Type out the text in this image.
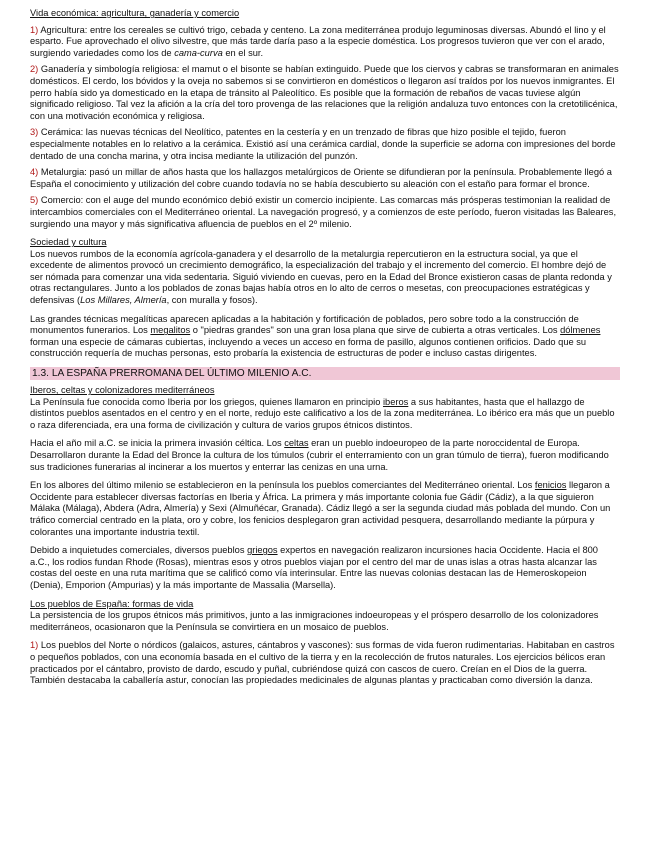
Vida económica: agricultura, ganadería y comercio

1) Agricultura: entre los cereales se cultivó trigo, cebada y centeno. La zona mediterránea produjo leguminosas diversas. Abundó el lino y el esparto. Fue aprovechado el olivo silvestre, que más tarde daría paso a la especie doméstica. Los progresos tuvieron que ver con el arado, surgiendo variedades como los de cama-curva en el sur.

2) Ganadería y simbología religiosa: el mamut o el bisonte se habían extinguido. Puede que los ciervos y cabras se transformaran en animales domésticos. El cerdo, los bóvidos y la oveja no sabemos si se convirtieron en domésticos o llegaron así traídos por los nuevos inmigrantes. El perro había sido ya domesticado en la etapa de tránsito al Paleolítico. Es posible que la formación de rebaños de vacas tuviese algún significado religioso. Tal vez la afición a la cría del toro provenga de las relaciones que la religión andaluza tuvo entonces con la cretotilicénica, con una motivación económica y religiosa.

3) Cerámica: las nuevas técnicas del Neolítico, patentes en la cestería y en un trenzado de fibras que hizo posible el tejido, fueron especialmente notables en lo relativo a la cerámica. Existió así una cerámica cardial, donde la superficie se adorna con impresiones del borde dentado de una concha marina, y otra incisa mediante la utilización del punzón.

4) Metalurgia: pasó un millar de años hasta que los hallazgos metalúrgicos de Oriente se difundieran por la península. Probablemente llegó a España el conocimiento y utilización del cobre cuando todavía no se había descubierto su aleación con el estaño para formar el bronce.

5) Comercio: con el auge del mundo económico debió existir un comercio incipiente. Las comarcas más prósperas testimonian la realidad de intercambios comerciales con el Mediterráneo oriental. La navegación progresó, y a comienzos de este período, fueron visitadas las Baleares, surgiendo una mayor y más significativa afluencia de pueblos en el 2º milenio.

Sociedad y cultura

Los nuevos rumbos de la economía agrícola-ganadera y el desarrollo de la metalurgia repercutieron en la estructura social, ya que el excedente de alimentos provocó un crecimiento demográfico, la especialización del trabajo y el incremento del comercio. El hombre dejó de ser nómada para comenzar una vida sedentaria. Siguió viviendo en cuevas, pero en la Edad del Bronce existieron casas de planta redonda y otras rectangulares. Junto a los poblados de zonas bajas había otros en lo alto de cerros o mesetas, con preocupaciones estratégicas y defensivas (Los Millares, Almería, con muralla y fosos).

Las grandes técnicas megalíticas aparecen aplicadas a la habitación y fortificación de poblados, pero sobre todo a la construcción de monumentos funerarios. Los megalitos o "piedras grandes" son una gran losa plana que sirve de cubierta a otras verticales. Los dólmenes forman una especie de cámaras cubiertas, incluyendo a veces un acceso en forma de pasillo, algunos contienen orificios. Dado que su construcción requería de muchas personas, esto probaría la existencia de estructuras de poder e incluso castas dirigentes.

1.3. LA ESPAÑA PRERROMANA DEL ÚLTIMO MILENIO A.C.

Iberos, celtas y colonizadores mediterráneos

La Península fue conocida como Iberia por los griegos, quienes llamaron en principio iberos a sus habitantes, hasta que el hallazgo de distintos pueblos asentados en el centro y en el norte, redujo este calificativo a los de la zona mediterránea. Lo ibérico era más que un pueblo o raza diferenciada, era una forma de civilización y cultura de varios grupos étnicos distintos.

Hacia el año mil a.C. se inicia la primera invasión céltica. Los celtas eran un pueblo indoeuropeo de la parte noroccidental de Europa. Desarrollaron durante la Edad del Bronce la cultura de los túmulos (cubrir el enterramiento con un gran túmulo de tierra), fueron modificando sus tradiciones funerarias al incinerar a los muertos y enterrar las cenizas en una urna.

En los albores del último milenio se establecieron en la península los pueblos comerciantes del Mediterráneo oriental. Los fenicios llegaron a Occidente para establecer diversas factorías en Iberia y África. La primera y más importante colonia fue Gádir (Cádiz), a la que siguieron Málaka (Málaga), Abdera (Adra, Almería) y Sexi (Almuñécar, Granada). Cádiz llegó a ser la segunda ciudad más poblada del mundo. Con un tráfico comercial centrado en la plata, oro y cobre, los fenicios desplegaron gran actividad pesquera, desarrollando mediante la púrpura y colorantes una importante industria textil.

Debido a inquietudes comerciales, diversos pueblos griegos expertos en navegación realizaron incursiones hacia Occidente. Hacia el 800 a.C., los rodios fundan Rhode (Rosas), mientras esos y otros pueblos viajan por el centro del mar de unas islas a otras hasta alcanzar las costas del oeste en una ruta marítima que se calificó como vía interinsular. Entre las nuevas colonias destacan las de Hemeroskopeion (Denia), Emporion (Ampurias) y la más importante de Massalia (Marsella).

Los pueblos de España: formas de vida

La persistencia de los grupos étnicos más primitivos, junto a las inmigraciones indoeuropeas y el próspero desarrollo de los colonizadores mediterráneos, ocasionaron que la Península se convirtiera en un mosaico de pueblos.

1) Los pueblos del Norte o nórdicos (galaicos, astures, cántabros y vascones): sus formas de vida fueron rudimentarias. Habitaban en castros o pequeños poblados, con una economía basada en el cultivo de la tierra y en la recolección de frutos naturales. Los ejercicios bélicos eran practicados por el cántabro, provisto de dardo, escudo y puñal, cubriéndose quizá con cascos de cuero. Creían en el Dios de la guerra. También destacaba la caballería astur, conocían las propiedades medicinales de algunas plantas y practicaban como diversión la danza.
